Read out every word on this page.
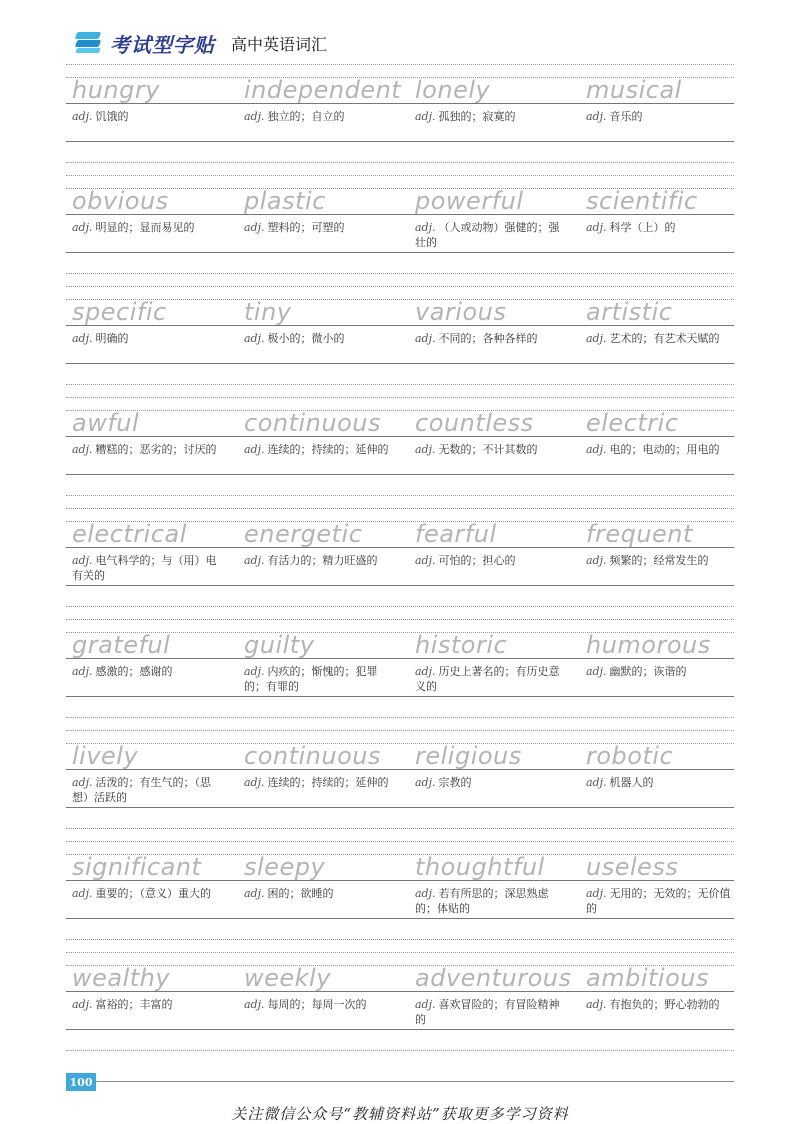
考试型字贴 高中英语词汇
hungry
adj. 饥饿的
independent
adj. 独立的；自立的
lonely
adj. 孤独的；寂寞的
musical
adj. 音乐的
obvious
adj. 明显的；显而易见的
plastic
adj. 塑料的；可塑的
powerful
adj. （人或动物）强健的；强壮的
scientific
adj. 科学（上）的
specific
adj. 明确的
tiny
adj. 极小的；微小的
various
adj. 不同的；各种各样的
artistic
adj. 艺术的；有艺术天赋的
awful
adj. 糟糕的；恶劣的；讨厌的
continuous
adj. 连续的；持续的；延伸的
countless
adj. 无数的；不计其数的
electric
adj. 电的；电动的；用电的
electrical
adj. 电气科学的；与（用）电有关的
energetic
adj. 有活力的；精力旺盛的
fearful
adj. 可怕的；担心的
frequent
adj. 频繁的；经常发生的
grateful
adj. 感激的；感谢的
guilty
adj. 内疚的；惭愧的；犯罪的；有罪的
historic
adj. 历史上著名的；有历史意义的
humorous
adj. 幽默的；诙谐的
lively
adj. 活泼的；有生气的；（思想）活跃的
continuous
adj. 连续的；持续的；延伸的
religious
adj. 宗教的
robotic
adj. 机器人的
significant
adj. 重要的；（意义）重大的
sleepy
adj. 困的；欲睡的
thoughtful
adj. 若有所思的；深思熟虑的；体贴的
useless
adj. 无用的；无效的；无价值的
wealthy
adj. 富裕的；丰富的
weekly
adj. 每周的；每周一次的
adventurous
adj. 喜欢冒险的；有冒险精神的
ambitious
adj. 有抱负的；野心勃勃的
100
关注微信公众号“教辅资料站”获取更多学习资料
